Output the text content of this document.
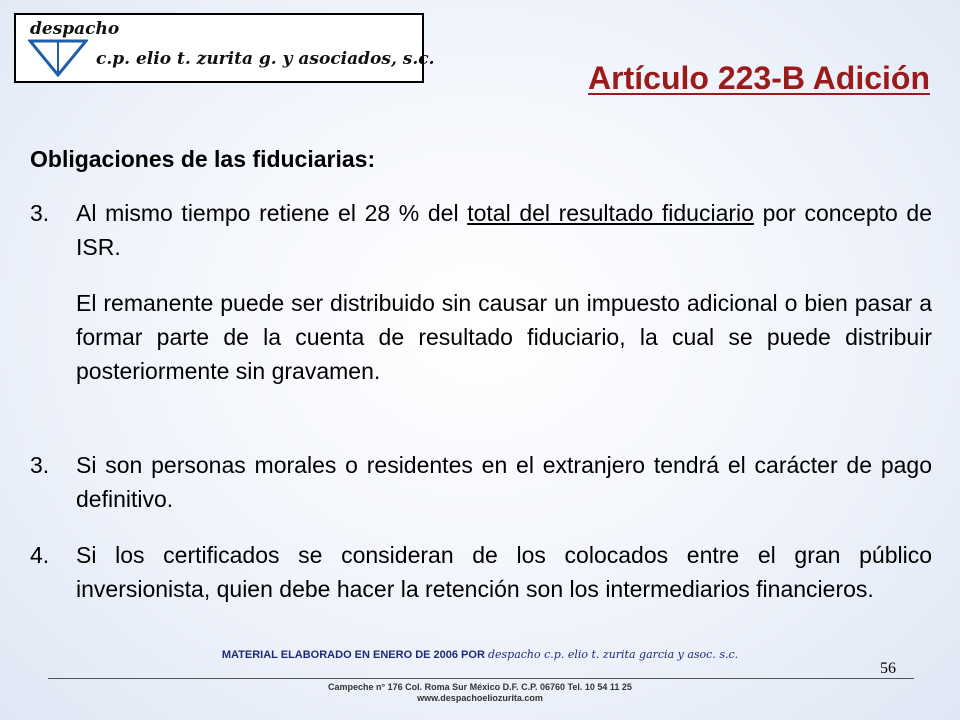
despacho
c.p. elio t. zurita g. y asociados, s.c.
Artículo 223-B Adición
Obligaciones de las fiduciarias:
3. Al mismo tiempo retiene el 28 % del total del resultado fiduciario por concepto de ISR.
El remanente puede ser distribuido sin causar un impuesto adicional o bien pasar a formar parte de la cuenta de resultado fiduciario, la cual se puede distribuir posteriormente sin gravamen.
3. Si son personas morales o residentes en el extranjero tendrá el carácter de pago definitivo.
4. Si los certificados se consideran de los colocados entre el gran público inversionista, quien debe hacer la retención son los intermediarios financieros.
MATERIAL ELABORADO EN ENERO DE 2006 POR despacho c.p. elio t. zurita garcia y asoc. s.c.
56
Campeche n° 176 Col. Roma Sur México D.F. C.P. 06760 Tel. 10 54 11 25
www.despachoeliozurita.com
